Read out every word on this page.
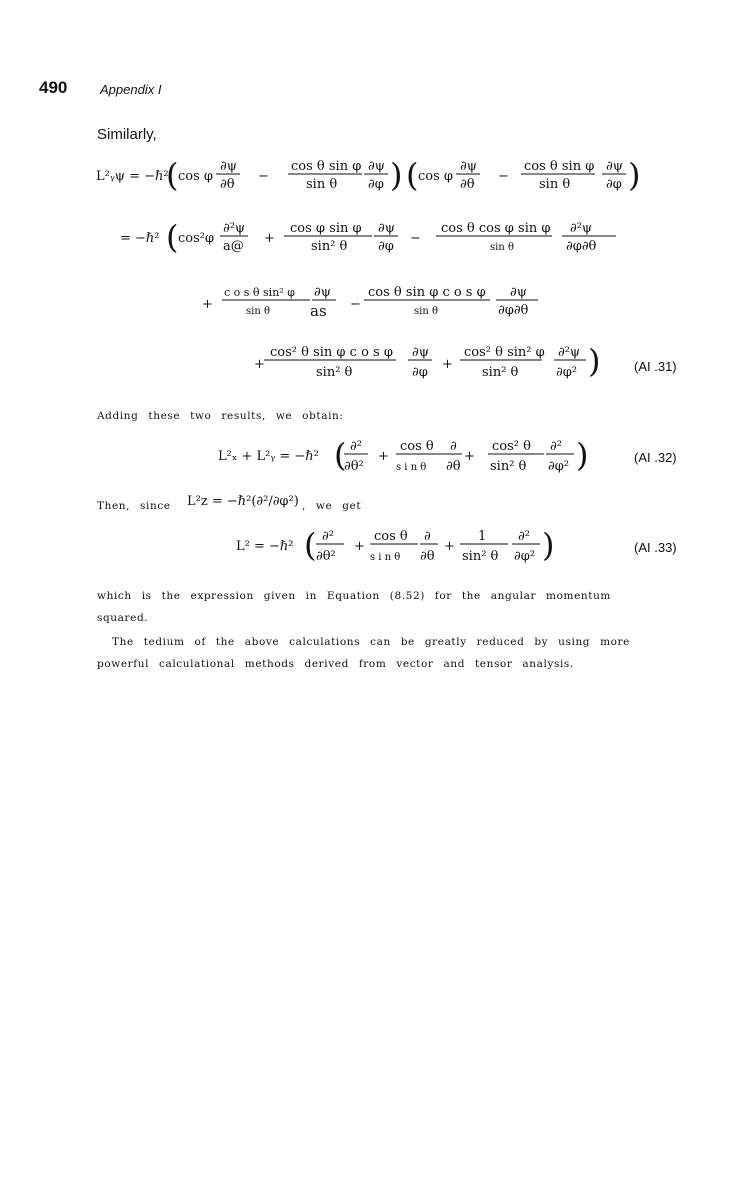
490	Appendix I
Similarly,
L²ᵧψ = −ℏ²
( cos φ
∂ψ
∂θ
−
cos θ sin φ
sin θ
∂ψ
∂φ ) ( cos φ
∂ψ
∂θ
−
cos θ sin φ
sin θ
∂ψ
∂φ )
= −ℏ² ( cos²φ
∂²ψ
a@
+
cos φ sin φ
sin² θ
∂ψ
∂φ
−
cos θ cos φ sin φ
sin θ
∂²ψ
∂φ∂θ
+
c o s θ sin² φ
sin θ
∂ψ
as −
cos θ sin φ c o s φ
sin θ
∂ψ
∂φ∂θ
+
cos² θ sin φ c o s φ
sin² θ
∂ψ
∂φ
+
cos² θ sin² φ
sin² θ
∂²ψ
∂φ² )	(AI .31)
Adding these two results, we obtain:
L²ₓ + L²ᵧ = −ℏ² ( ∂²
∂θ²
+
cos θ
s i n θ
∂
∂θ
+
cos² θ
sin² θ
∂²
∂φ² )	(AI .32)
Then, since L²z = −ℏ²(∂²/∂φ²) , we get
L² = −ℏ² ( ∂²
∂θ²
+
cos θ
s i n θ
∂
∂θ
+
1
sin² θ
∂²
∂φ² )	(AI .33)
which is the expression given in Equation (8.52) for the angular momentum
squared.
The tedium of the above calculations can be greatly reduced by using more
powerful calculational methods derived from vector and tensor analysis.
